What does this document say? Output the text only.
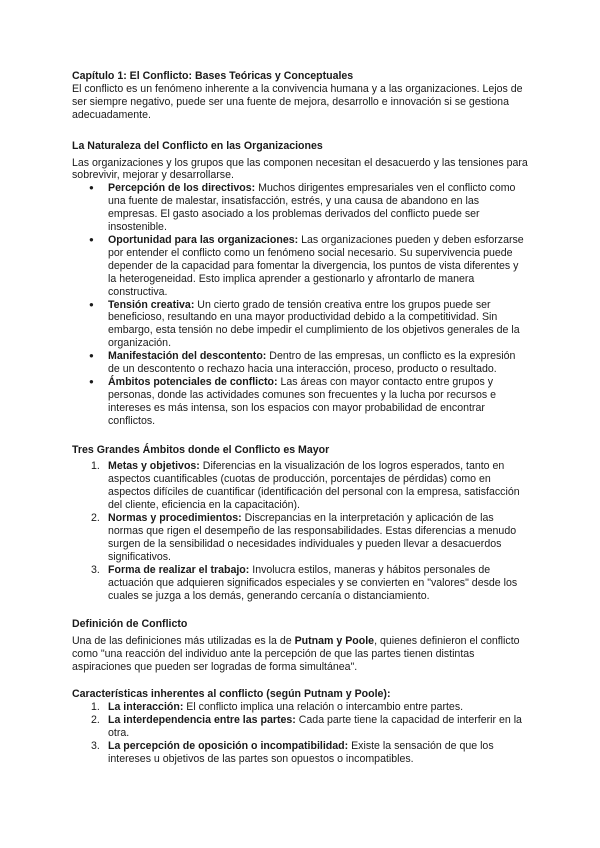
Capítulo 1: El Conflicto: Bases Teóricas y Conceptuales

El conflicto es un fenómeno inherente a la convivencia humana y a las organizaciones. Lejos de ser siempre negativo, puede ser una fuente de mejora, desarrollo e innovación si se gestiona adecuadamente.

La Naturaleza del Conflicto en las Organizaciones

Las organizaciones y los grupos que las componen necesitan el desacuerdo y las tensiones para sobrevivir, mejorar y desarrollarse.

● Percepción de los directivos: Muchos dirigentes empresariales ven el conflicto como una fuente de malestar, insatisfacción, estrés, y una causa de abandono en las empresas. El gasto asociado a los problemas derivados del conflicto puede ser insostenible.
● Oportunidad para las organizaciones: Las organizaciones pueden y deben esforzarse por entender el conflicto como un fenómeno social necesario. Su supervivencia puede depender de la capacidad para fomentar la divergencia, los puntos de vista diferentes y la heterogeneidad. Esto implica aprender a gestionarlo y afrontarlo de manera constructiva.
● Tensión creativa: Un cierto grado de tensión creativa entre los grupos puede ser beneficioso, resultando en una mayor productividad debido a la competitividad. Sin embargo, esta tensión no debe impedir el cumplimiento de los objetivos generales de la organización.
● Manifestación del descontento: Dentro de las empresas, un conflicto es la expresión de un descontento o rechazo hacia una interacción, proceso, producto o resultado.
● Ámbitos potenciales de conflicto: Las áreas con mayor contacto entre grupos y personas, donde las actividades comunes son frecuentes y la lucha por recursos e intereses es más intensa, son los espacios con mayor probabilidad de encontrar conflictos.
Tres Grandes Ámbitos donde el Conflicto es Mayor
1. Metas y objetivos: Diferencias en la visualización de los logros esperados, tanto en aspectos cuantificables (cuotas de producción, porcentajes de pérdidas) como en aspectos difíciles de cuantificar (identificación del personal con la empresa, satisfacción del cliente, eficiencia en la capacitación).
2. Normas y procedimientos: Discrepancias en la interpretación y aplicación de las normas que rigen el desempeño de las responsabilidades. Estas diferencias a menudo surgen de la sensibilidad o necesidades individuales y pueden llevar a desacuerdos significativos.
3. Forma de realizar el trabajo: Involucra estilos, maneras y hábitos personales de actuación que adquieren significados especiales y se convierten en "valores" desde los cuales se juzga a los demás, generando cercanía o distanciamiento.
Definición de Conflicto

Una de las definiciones más utilizadas es la de Putnam y Poole, quienes definieron el conflicto como "una reacción del individuo ante la percepción de que las partes tienen distintas aspiraciones que pueden ser logradas de forma simultánea".

Características inherentes al conflicto (según Putnam y Poole):
1. La interacción: El conflicto implica una relación o intercambio entre partes.
2. La interdependencia entre las partes: Cada parte tiene la capacidad de interferir en la otra.
3. La percepción de oposición o incompatibilidad: Existe la sensación de que los intereses u objetivos de las partes son opuestos o incompatibles.
